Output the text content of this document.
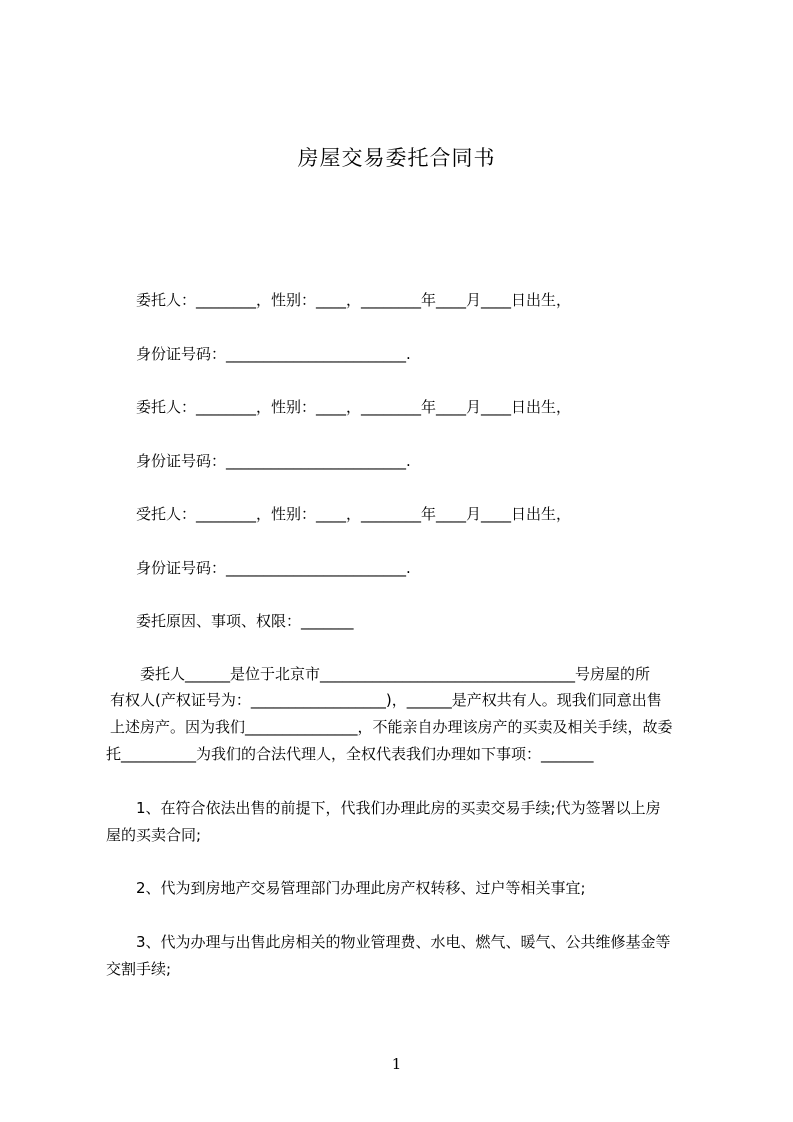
房屋交易委托合同书
委托人：________，性别：____，________年____月____日出生，
身份证号码：________________________.
委托人：________，性别：____，________年____月____日出生，
身份证号码：________________________.
受托人：________，性别：____，________年____月____日出生，
身份证号码：________________________.
委托原因、事项、权限：_______
委托人______是位于北京市__________________________________号房屋的所
有权人(产权证号为：__________________)，______是产权共有人。现我们同意出售
上述房产。因为我们_______________，不能亲自办理该房产的买卖及相关手续，故委
托__________为我们的合法代理人，全权代表我们办理如下事项：_______
1、在符合依法出售的前提下，代我们办理此房的买卖交易手续;代为签署以上房
屋的买卖合同;
2、代为到房地产交易管理部门办理此房产权转移、过户等相关事宜;
3、代为办理与出售此房相关的物业管理费、水电、燃气、暖气、公共维修基金等
交割手续;
1
